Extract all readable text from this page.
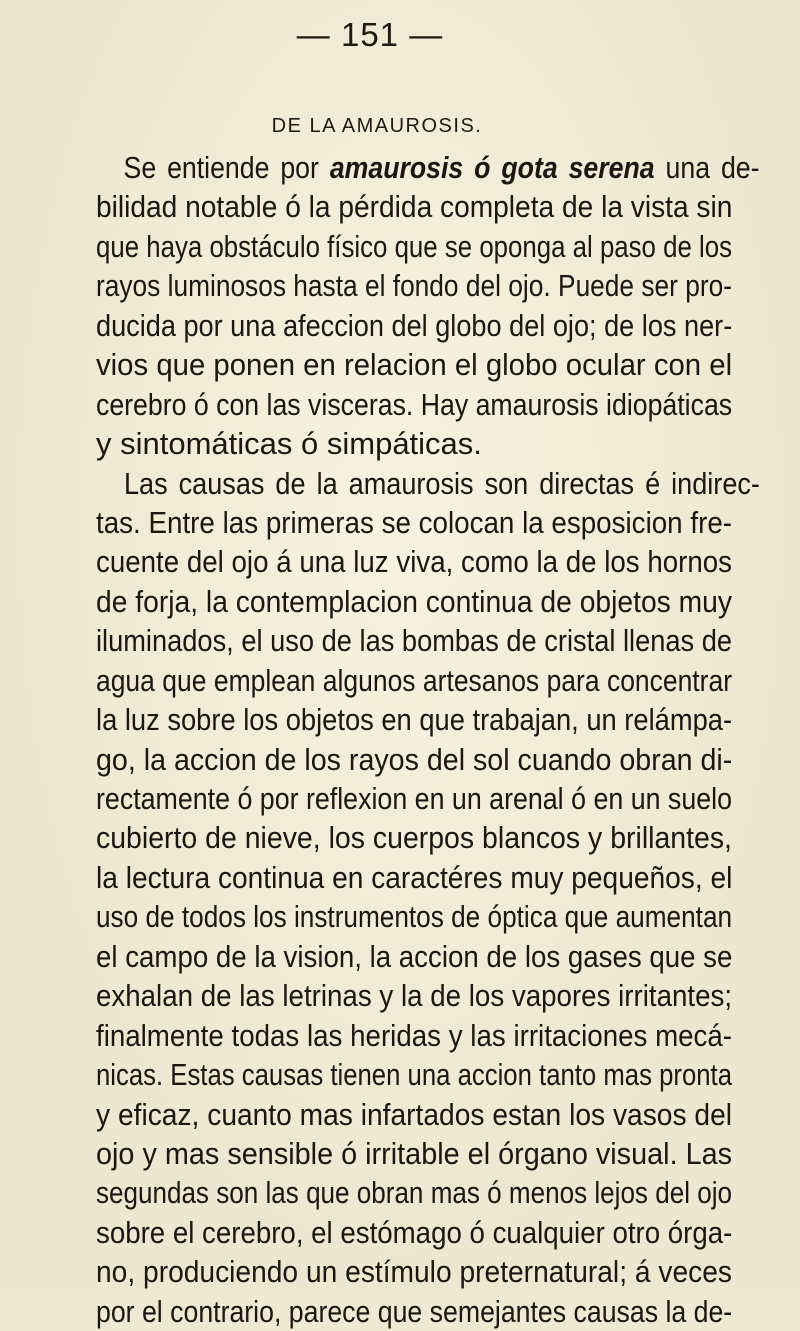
— 151 —
DE LA AMAUROSIS.
Se entiende por amaurosis ó gota serena una de-
bilidad notable ó la pérdida completa de la vista sin
que haya obstáculo físico que se oponga al paso de los
rayos luminosos hasta el fondo del ojo. Puede ser pro-
ducida por una afeccion del globo del ojo; de los ner-
vios que ponen en relacion el globo ocular con el
cerebro ó con las visceras. Hay amaurosis idiopáticas
y sintomáticas ó simpáticas.
Las causas de la amaurosis son directas é indirec-
tas. Entre las primeras se colocan la esposicion fre-
cuente del ojo á una luz viva, como la de los hornos
de forja, la contemplacion continua de objetos muy
iluminados, el uso de las bombas de cristal llenas de
agua que emplean algunos artesanos para concentrar
la luz sobre los objetos en que trabajan, un relámpa-
go, la accion de los rayos del sol cuando obran di-
rectamente ó por reflexion en un arenal ó en un suelo
cubierto de nieve, los cuerpos blancos y brillantes,
la lectura continua en caractéres muy pequeños, el
uso de todos los instrumentos de óptica que aumentan
el campo de la vision, la accion de los gases que se
exhalan de las letrinas y la de los vapores irritantes;
finalmente todas las heridas y las irritaciones mecá-
nicas. Estas causas tienen una accion tanto mas pronta
y eficaz, cuanto mas infartados estan los vasos del
ojo y mas sensible ó irritable el órgano visual. Las
segundas son las que obran mas ó menos lejos del ojo
sobre el cerebro, el estómago ó cualquier otro órga-
no, produciendo un estímulo preternatural; á veces
por el contrario, parece que semejantes causas la de-
